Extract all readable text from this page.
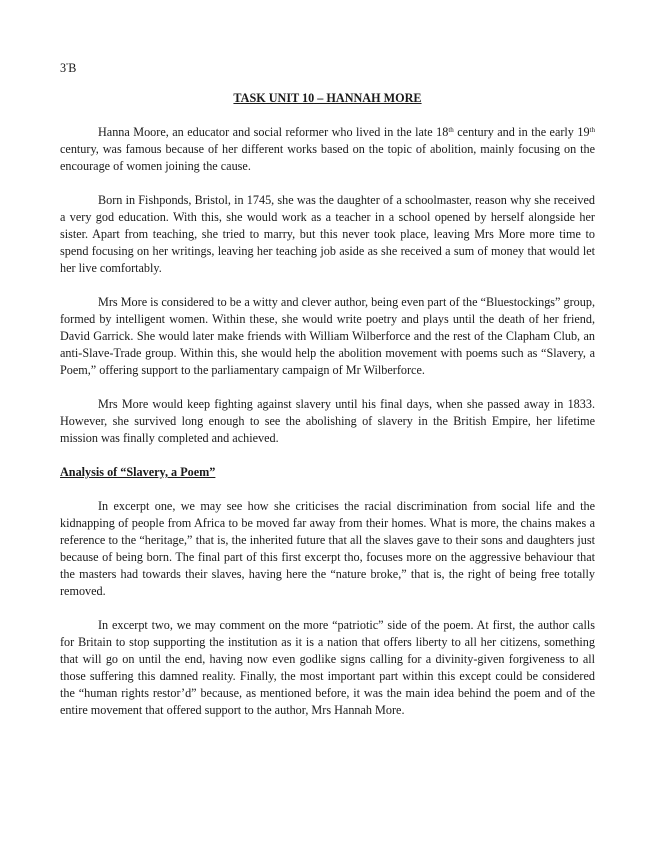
$3^ºB$
TASK UNIT 10 – HANNAH MORE

Hanna Moore, an educator and social reformer who lived in the late 18th century and in the early 19th century, was famous because of her different works based on the topic of abolition, mainly focusing on the encourage of women joining the cause.

Born in Fishponds, Bristol, in 1745, she was the daughter of a schoolmaster, reason why she received a very god education. With this, she would work as a teacher in a school opened by herself alongside her sister. Apart from teaching, she tried to marry, but this never took place, leaving Mrs More more time to spend focusing on her writings, leaving her teaching job aside as she received a sum of money that would let her live comfortably.

Mrs More is considered to be a witty and clever author, being even part of the “Bluestockings” group, formed by intelligent women. Within these, she would write poetry and plays until the death of her friend, David Garrick. She would later make friends with William Wilberforce and the rest of the Clapham Club, an anti-Slave-Trade group. Within this, she would help the abolition movement with poems such as “Slavery, a Poem,” offering support to the parliamentary campaign of Mr Wilberforce.

Mrs More would keep fighting against slavery until his final days, when she passed away in 1833. However, she survived long enough to see the abolishing of slavery in the British Empire, her lifetime mission was finally completed and achieved.

Analysis of “Slavery, a Poem”

In excerpt one, we may see how she criticises the racial discrimination from social life and the kidnapping of people from Africa to be moved far away from their homes. What is more, the chains makes a reference to the “heritage,” that is, the inherited future that all the slaves gave to their sons and daughters just because of being born. The final part of this first excerpt tho, focuses more on the aggressive behaviour that the masters had towards their slaves, having here the “nature broke,” that is, the right of being free totally removed.

In excerpt two, we may comment on the more “patriotic” side of the poem. At first, the author calls for Britain to stop supporting the institution as it is a nation that offers liberty to all her citizens, something that will go on until the end, having now even godlike signs calling for a divinity-given forgiveness to all those suffering this damned reality. Finally, the most important part within this except could be considered the “human rights restor’d” because, as mentioned before, it was the main idea behind the poem and of the entire movement that offered support to the author, Mrs Hannah More.
